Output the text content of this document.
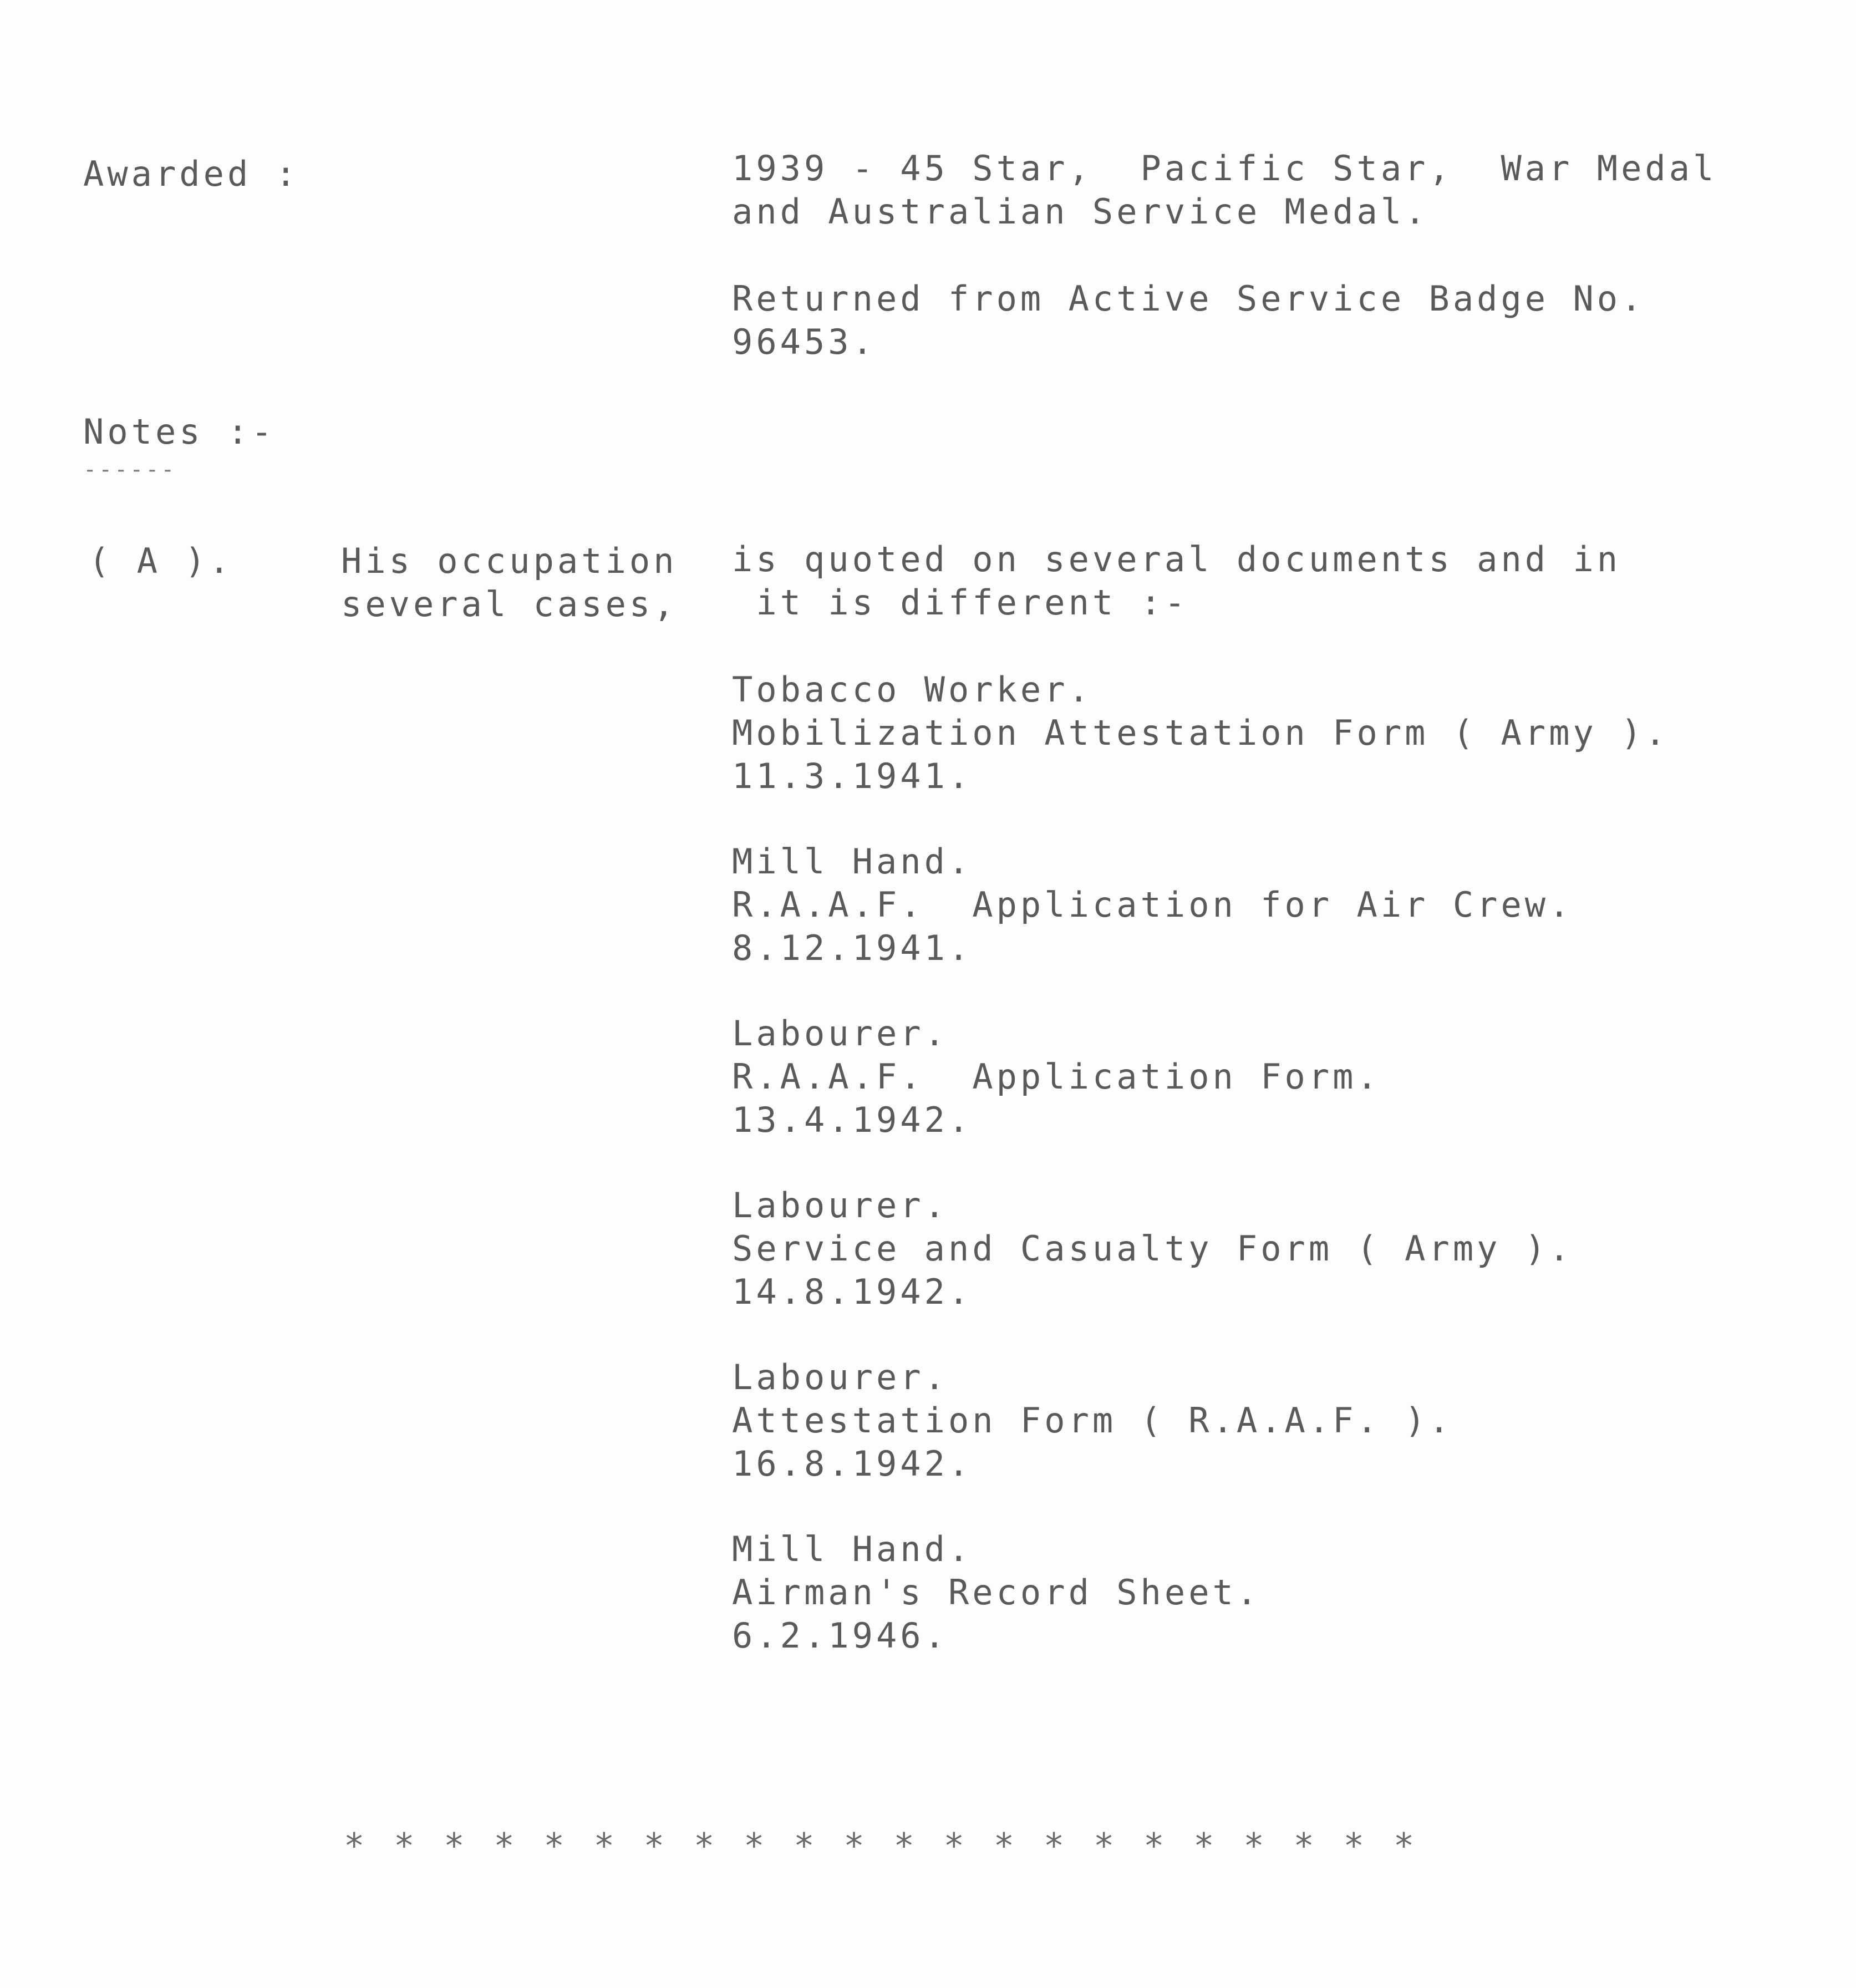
Awarded :	1939 - 45 Star,  Pacific Star,  War Medal
and Australian Service Medal.
Returned from Active Service Badge No.
96453.
Notes :-
------
( A ).	His occupation is quoted on several documents and in
several cases, it is different :-
Tobacco Worker.
Mobilization Attestation Form ( Army ).
11.3.1941.
Mill Hand.
R.A.A.F.  Application for Air Crew.
8.12.1941.
Labourer.
R.A.A.F.  Application Form.
13.4.1942.
Labourer.
Service and Casualty Form ( Army ).
14.8.1942.
Labourer.
Attestation Form ( R.A.A.F. ).
16.8.1942.
Mill Hand.
Airman's Record Sheet.
6.2.1946.
* * * * * * * * * * * * * * * * * * * * * *
